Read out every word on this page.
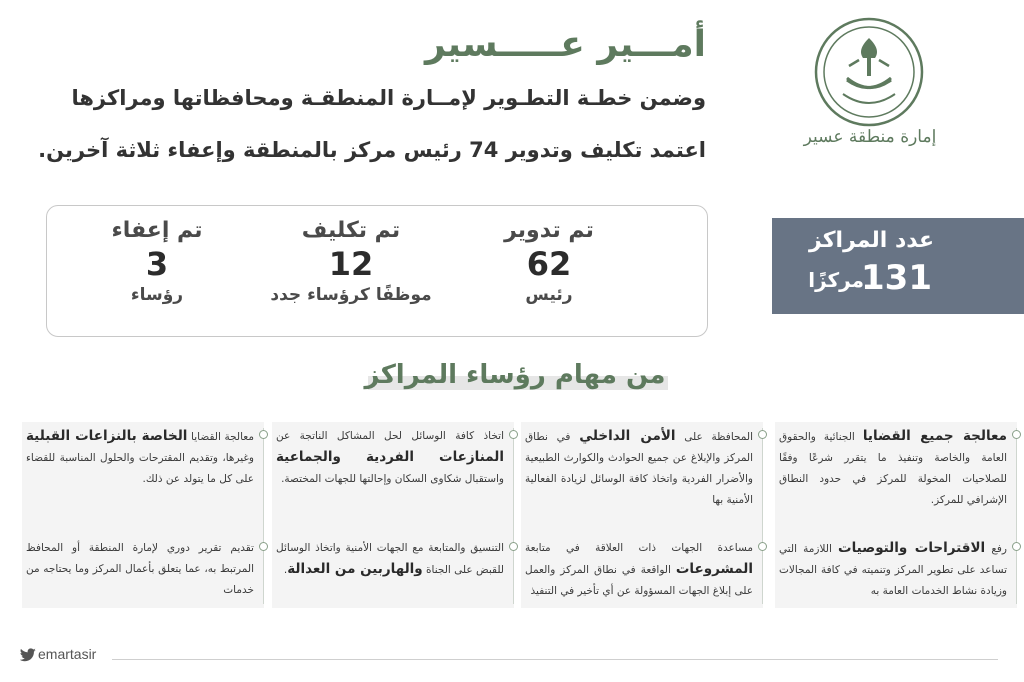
أمـــير عـــــسير
وضمن خطـة التطـوير لإمــارة المنطقـة ومحافظاتها ومراكزها
اعتمد تكليف وتدوير 74 رئيس مركز بالمنطقة وإعفاء ثلاثة آخرين.
إمارة منطقة عسير
تم تدوير
62
رئيس
تم تكليف
12
موظفًا كرؤساء جدد
تم إعفاء
3
رؤساء
عدد المراكز
131
مركزًا
من مهام رؤساء المراكز
معالجة جميع القضايا الجنائية والحقوق العامة والخاصة وتنفيذ ما يتقرر شرعًا وفقًا للصلاحيات المخولة للمركز في حدود النطاق الإشرافي للمركز.
رفع الاقتراحات والتوصيات اللازمة التي تساعد على تطوير المركز وتنميته في كافة المجالات وزيادة نشاط الخدمات العامة به
المحافظة على الأمن الداخلي في نطاق المركز والإبلاغ عن جميع الحوادث والكوارث الطبيعية والأضرار الفردية واتخاذ كافة الوسائل لزيادة الفعالية الأمنية بها
مساعدة الجهات ذات العلاقة في متابعة المشروعات الواقعة في نطاق المركز والعمل على إبلاغ الجهات المسؤولة عن أي تأخير في التنفيذ
اتخاذ كافة الوسائل لحل المشاكل الناتجة عن المنازعات الفردية والجماعية واستقبال شكاوى السكان وإحالتها للجهات المختصة.
التنسيق والمتابعة مع الجهات الأمنية واتخاذ الوسائل للقبض على الجناة والهاربين من العدالة.
معالجة القضايا الخاصة بالنزاعات القبلية وغيرها، وتقديم المقترحات والحلول المناسبة للقضاء على كل ما يتولد عن ذلك.
تقديم تقرير دوري لإمارة المنطقة أو المحافظ المرتبط به، عما يتعلق بأعمال المركز وما يحتاجه من خدمات
emartasir
